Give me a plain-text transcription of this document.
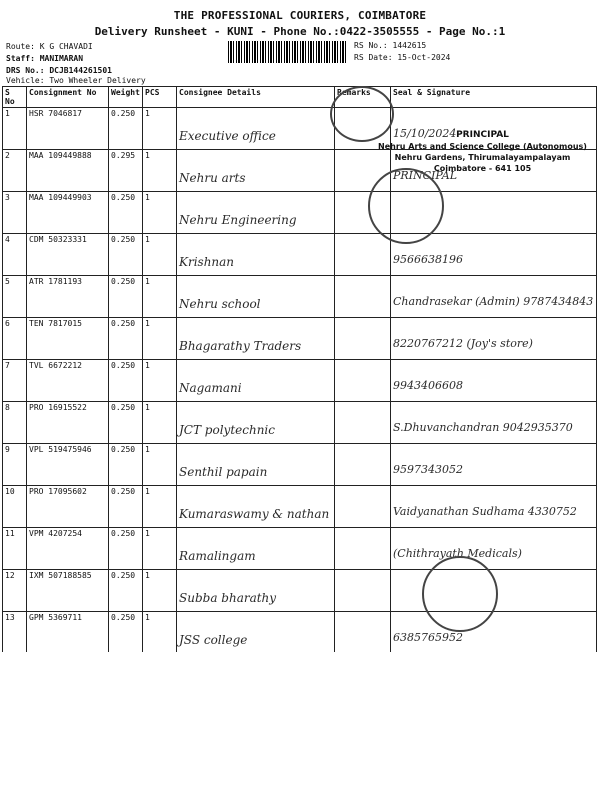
THE PROFESSIONAL COURIERS, COIMBATORE
Delivery Runsheet - KUNI - Phone No.:0422-3505555 - Page No.:1
Route: K G CHAVADI
Staff: MANIMARAN
DRS No.: DCJB144261501
Vehicle: Two Wheeler Delivery
RS No.: 1442615
RS Date: 15-Oct-2024
S No	Consignment No	Weight	PCS	Consignee Details	Remarks	Seal & Signature
1	HSR 7046817	0.250	1	Executive office		15/10/2024

2	MAA 109449888	0.295	1	Nehru arts		PRINCIPAL

3	MAA 109449903	0.250	1	Nehru Engineering		

4	CDM 50323331	0.250	1	Krishnan		9566638196

5	ATR 1781193	0.250	1	Nehru school		Chandrasekar (Admin) 9787434843

6	TEN 7817015	0.250	1	Bhagarathy Traders		8220767212 (Joy's store)

7	TVL 6672212	0.250	1	Nagamani		9943406608

8	PRO 16915522	0.250	1	JCT polytechnic		S.Dhuvanchandran 9042935370

9	VPL 519475946	0.250	1	Senthil papain		9597343052

10	PRO 17095602	0.250	1	Kumaraswamy & nathan		Vaidyanathan Sudhama 4330752

11	VPM 4207254	0.250	1	Ramalingam		(Chithrayath Medicals)

12	IXM 507188585	0.250	1	Subba bharathy		

13	GPM 5369711	0.250	1	JSS college		6385765952
PRINCIPAL
Nehru Arts and Science College (Autonomous)
Nehru Gardens, Thirumalayampalayam
Coimbatore - 641 105
